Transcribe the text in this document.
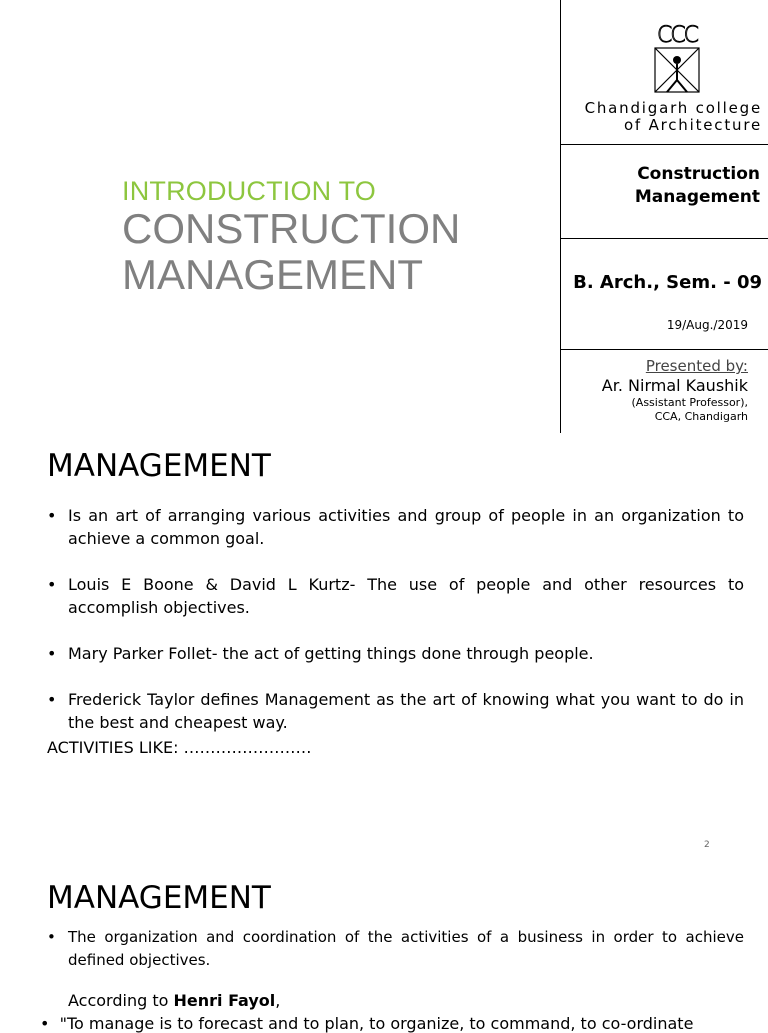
INTRODUCTION TO
CONSTRUCTION
MANAGEMENT
CCC
Chandigarh college
of Architecture
Construction
Management
B. Arch., Sem. - 09
19/Aug./2019
Presented by:
Ar. Nirmal Kaushik
(Assistant Professor),
CCA, Chandigarh
MANAGEMENT
• Is an art of arranging various activities and group of people in an organization to achieve a common goal.
• Louis E Boone & David L Kurtz- The use of people and other resources to accomplish objectives.
• Mary Parker Follet- the act of getting things done through people.
• Frederick Taylor defines Management as the art of knowing what you want to do in the best and cheapest way.
ACTIVITIES LIKE: ……………………
2
MANAGEMENT
• The organization and coordination of the activities of a business in order to achieve defined objectives.
According to Henri Fayol,
•  "To manage is to forecast and to plan, to organize, to command, to co-ordinate
